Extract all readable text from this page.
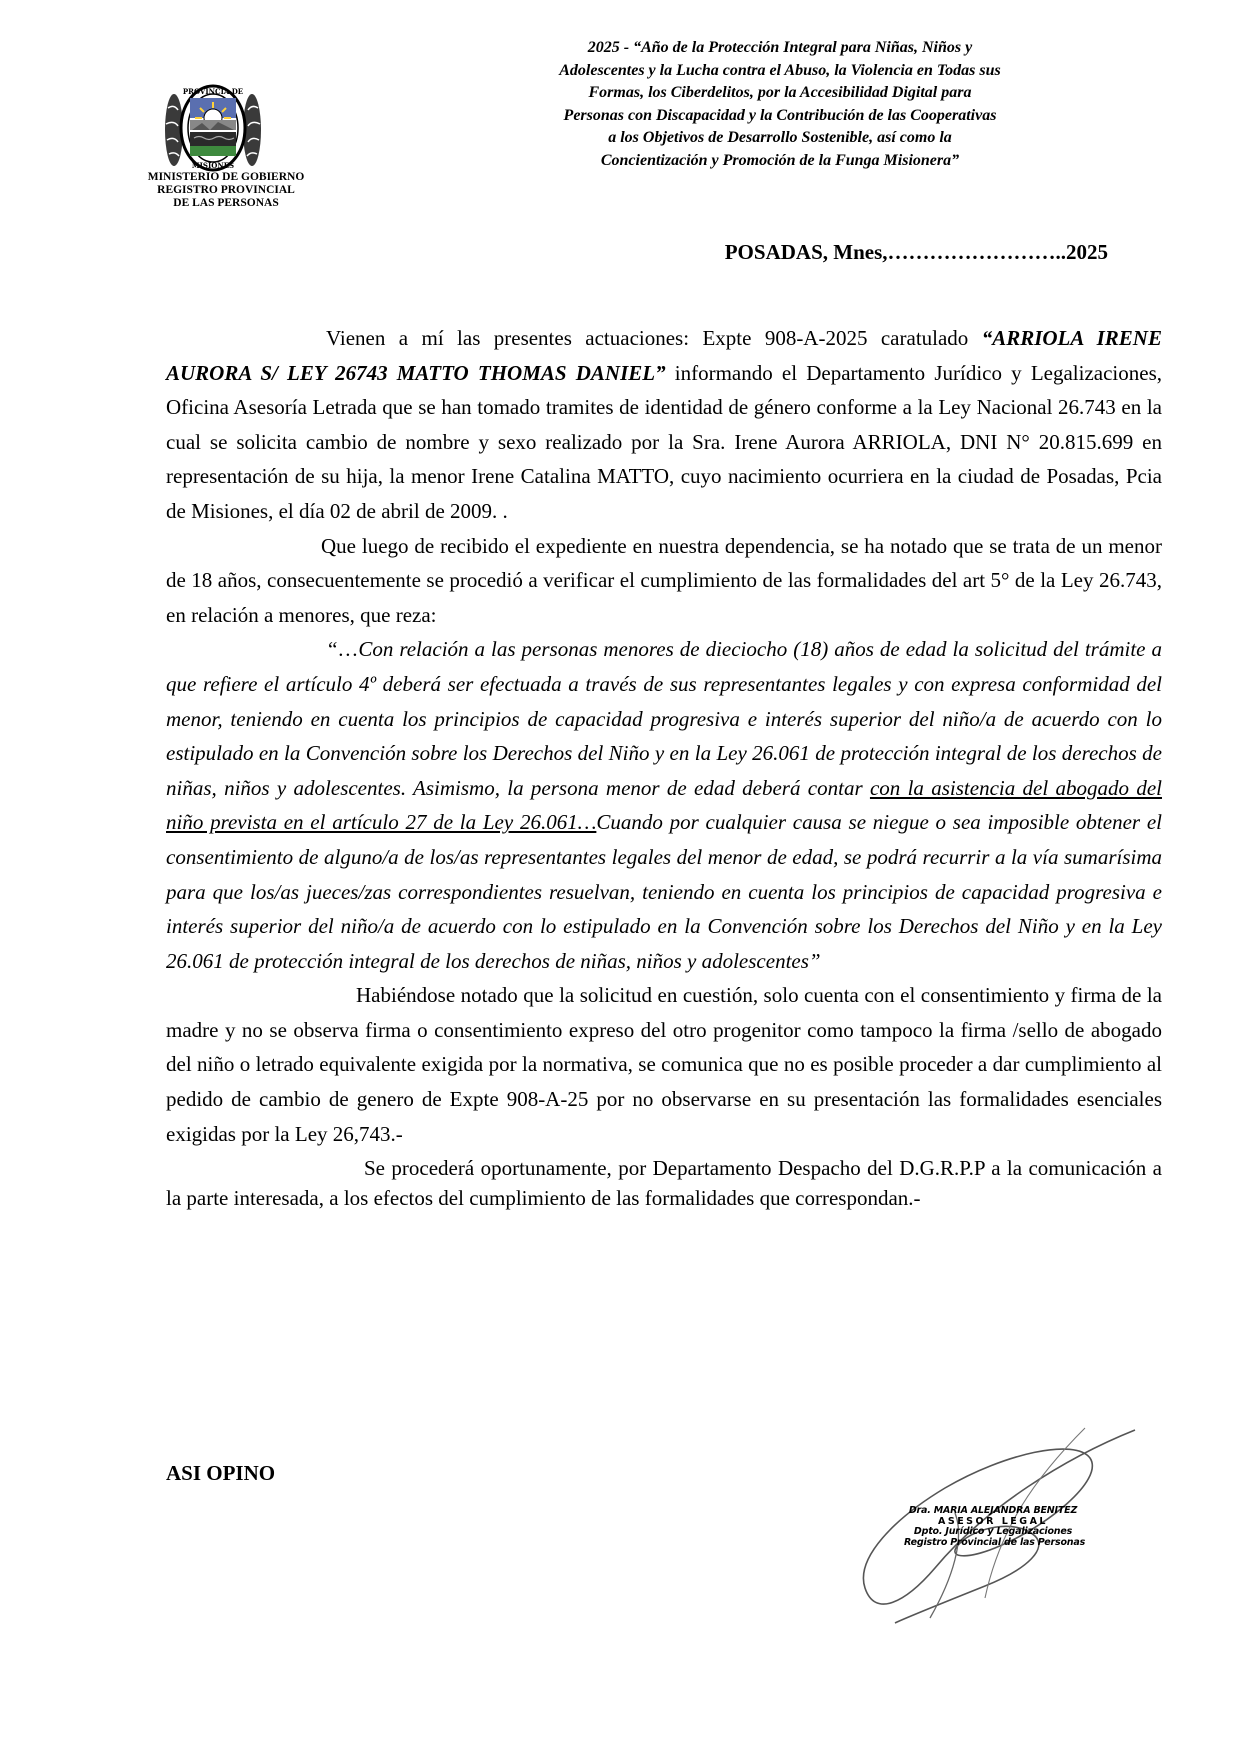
PROVINCIA DE
MISIONES
MINISTERIO DE GOBIERNO
REGISTRO PROVINCIAL
DE LAS PERSONAS
2025 - “Año de la Protección Integral para Niñas, Niños y
Adolescentes y la Lucha contra el Abuso, la Violencia en Todas sus
Formas, los Ciberdelitos, por la Accesibilidad Digital para
Personas con Discapacidad y la Contribución de las Cooperativas
a los Objetivos de Desarrollo Sostenible, así como la
Concientización y Promoción de la Funga Misionera”
POSADAS, Mnes,……………………..2025

Vienen a mí las presentes actuaciones: Expte 908-A-2025 caratulado “ARRIOLA IRENE AURORA S/ LEY 26743 MATTO THOMAS DANIEL” informando el Departamento Jurídico y Legalizaciones, Oficina Asesoría Letrada que se han tomado tramites de identidad de género conforme a la Ley Nacional 26.743 en la cual se solicita cambio de nombre y sexo realizado por la Sra. Irene Aurora ARRIOLA, DNI N° 20.815.699 en representación de su hija, la menor Irene Catalina MATTO, cuyo nacimiento ocurriera en la ciudad de Posadas, Pcia de Misiones, el día 02 de abril de 2009. .

Que luego de recibido el expediente en nuestra dependencia, se ha notado que se trata de un menor de 18 años, consecuentemente se procedió a verificar el cumplimiento de las formalidades del art 5° de la Ley 26.743, en relación a menores, que reza:

“…Con relación a las personas menores de dieciocho (18) años de edad la solicitud del trámite a que refiere el artículo 4º deberá ser efectuada a través de sus representantes legales y con expresa conformidad del menor, teniendo en cuenta los principios de capacidad progresiva e interés superior del niño/a de acuerdo con lo estipulado en la Convención sobre los Derechos del Niño y en la Ley 26.061 de protección integral de los derechos de niñas, niños y adolescentes. Asimismo, la persona menor de edad deberá contar con la asistencia del abogado del niño prevista en el artículo 27 de la Ley 26.061…Cuando por cualquier causa se niegue o sea imposible obtener el consentimiento de alguno/a de los/as representantes legales del menor de edad, se podrá recurrir a la vía sumarísima para que los/as jueces/zas correspondientes resuelvan, teniendo en cuenta los principios de capacidad progresiva e interés superior del niño/a de acuerdo con lo estipulado en la Convención sobre los Derechos del Niño y en la Ley 26.061 de protección integral de los derechos de niñas, niños y adolescentes”

Habiéndose notado que la solicitud en cuestión, solo cuenta con el consentimiento y firma de la madre y no se observa firma o consentimiento expreso del otro progenitor como tampoco la firma /sello de abogado del niño o letrado equivalente exigida por la normativa, se comunica que no es posible proceder a dar cumplimiento al pedido de cambio de genero de Expte 908-A-25 por no observarse en su presentación las formalidades esenciales exigidas por la Ley 26,743.-

Se procederá oportunamente, por Departamento Despacho del D.G.R.P.P a la comunicación a la parte interesada, a los efectos del cumplimiento de las formalidades que correspondan.-

ASI OPINO
Dra. MARIA ALEJANDRA BENITEZ
ASESOR LEGAL
Dpto. Jurídico y Legalizaciones
Registro Provincial de las Personas
